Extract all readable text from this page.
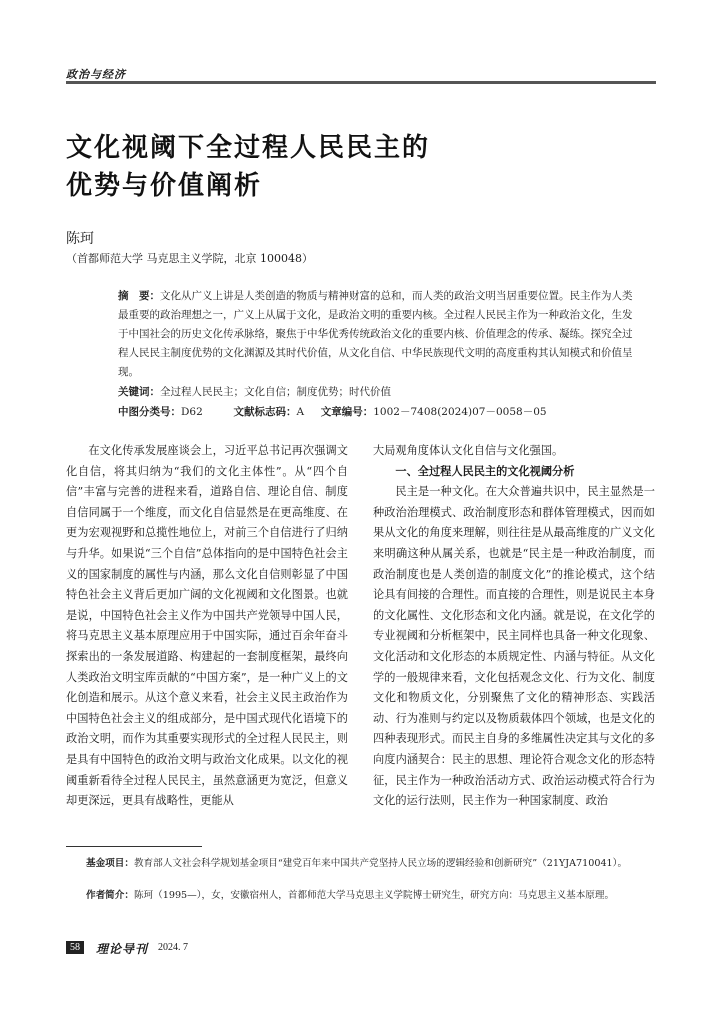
政治与经济
文化视阈下全过程人民民主的
优势与价值阐析
陈珂
（首都师范大学 马克思主义学院，北京 100048）
摘　要：文化从广义上讲是人类创造的物质与精神财富的总和，而人类的政治文明当居重要位置。民主作为人类最重要的政治理想之一，广义上从属于文化，是政治文明的重要内核。全过程人民民主作为一种政治文化，生发于中国社会的历史文化传承脉络，聚焦于中华优秀传统政治文化的重要内核、价值理念的传承、凝练。探究全过程人民民主制度优势的文化渊源及其时代价值，从文化自信、中华民族现代文明的高度重构其认知模式和价值呈现。
关键词：全过程人民民主；文化自信；制度优势；时代价值
中图分类号：D62	文献标志码：A 文章编号：1002－7408(2024)07－0058－05

在文化传承发展座谈会上，习近平总书记再次强调文化自信，将其归纳为“我们的文化主体性”。从“四个自信”丰富与完善的进程来看，道路自信、理论自信、制度自信同属于一个维度，而文化自信显然是在更高维度、在更为宏观视野和总揽性地位上，对前三个自信进行了归纳与升华。如果说“三个自信”总体指向的是中国特色社会主义的国家制度的属性与内涵，那么文化自信则彰显了中国特色社会主义背后更加广阔的文化视阈和文化图景。也就是说，中国特色社会主义作为中国共产党领导中国人民，将马克思主义基本原理应用于中国实际，通过百余年奋斗探索出的一条发展道路、构建起的一套制度框架，最终向人类政治文明宝库贡献的“中国方案”，是一种广义上的文化创造和展示。从这个意义来看，社会主义民主政治作为中国特色社会主义的组成部分，是中国式现代化语境下的政治文明，而作为其重要实现形式的全过程人民民主，则是具有中国特色的政治文明与政治文化成果。以文化的视阈重新看待全过程人民民主，虽然意涵更为宽泛，但意义却更深远，更具有战略性，更能从

大局观角度体认文化自信与文化强国。

一、全过程人民民主的文化视阈分析

民主是一种文化。在大众普遍共识中，民主显然是一种政治治理模式、政治制度形态和群体管理模式，因而如果从文化的角度来理解，则往往是从最高维度的广义文化来明确这种从属关系，也就是“民主是一种政治制度，而政治制度也是人类创造的制度文化”的推论模式，这个结论具有间接的合理性。而直接的合理性，则是说民主本身的文化属性、文化形态和文化内涵。就是说，在文化学的专业视阈和分析框架中，民主同样也具备一种文化现象、文化活动和文化形态的本质规定性、内涵与特征。从文化学的一般规律来看，文化包括观念文化、行为文化、制度文化和物质文化，分别聚焦了文化的精神形态、实践活动、行为准则与约定以及物质载体四个领域，也是文化的四种表现形式。而民主自身的多维属性决定其与文化的多向度内涵契合：民主的思想、理论符合观念文化的形态特征，民主作为一种政治活动方式、政治运动模式符合行为文化的运行法则，民主作为一种国家制度、政治

基金项目：教育部人文社会科学规划基金项目“建党百年来中国共产党坚持人民立场的逻辑经验和创新研究”（21YJA710041）。
作者简介：陈珂（1995—），女，安徽宿州人，首都师范大学马克思主义学院博士研究生，研究方向：马克思主义基本原理。
58	理论导刊 2024. 7
